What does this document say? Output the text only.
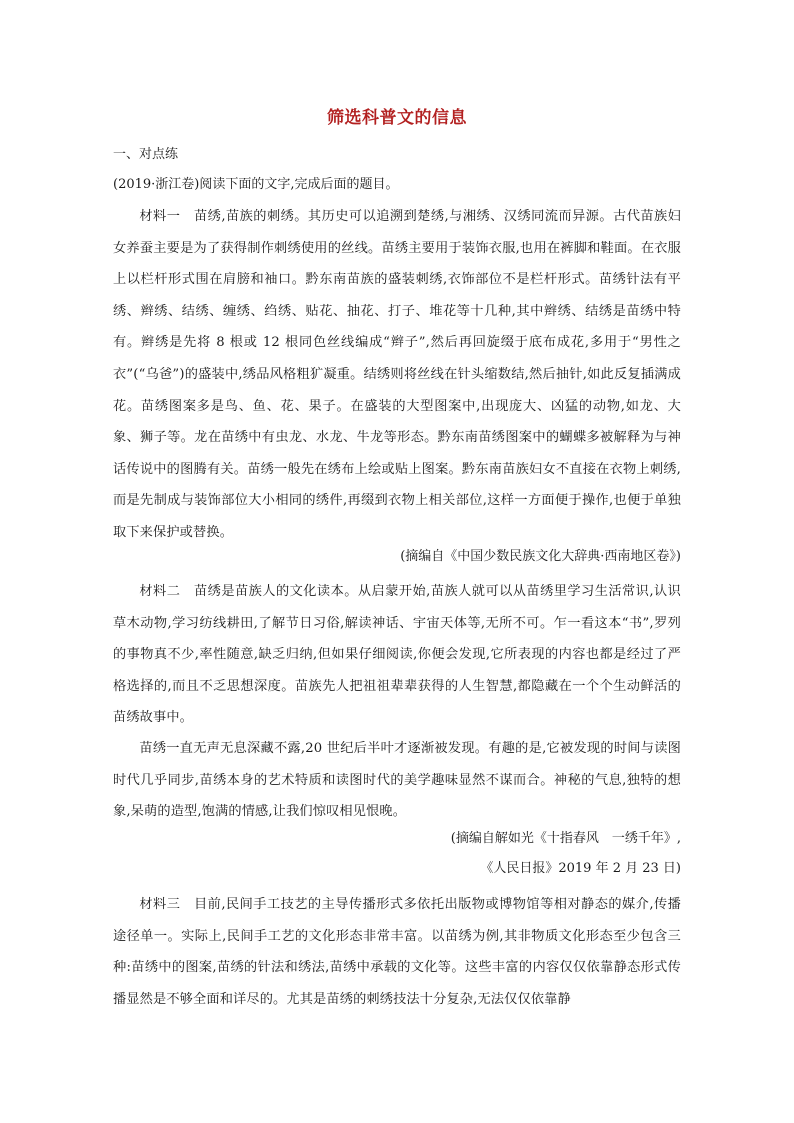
筛选科普文的信息

一、对点练

(2019·浙江卷)阅读下面的文字,完成后面的题目。

材料一　苗绣,苗族的刺绣。其历史可以追溯到楚绣,与湘绣、汉绣同流而异源。古代苗族妇女养蚕主要是为了获得制作刺绣使用的丝线。苗绣主要用于装饰衣服,也用在裤脚和鞋面。在衣服上以栏杆形式围在肩膀和袖口。黔东南苗族的盛装刺绣,衣饰部位不是栏杆形式。苗绣针法有平绣、辫绣、结绣、缠绣、绉绣、贴花、抽花、打子、堆花等十几种,其中辫绣、结绣是苗绣中特有。辫绣是先将 8 根或 12 根同色丝线编成“辫子”,然后再回旋缀于底布成花,多用于“男性之衣”(“乌爸”)的盛装中,绣品风格粗犷凝重。结绣则将丝线在针头缩数结,然后抽针,如此反复插满成花。苗绣图案多是鸟、鱼、花、果子。在盛装的大型图案中,出现庞大、凶猛的动物,如龙、大象、狮子等。龙在苗绣中有虫龙、水龙、牛龙等形态。黔东南苗绣图案中的蝴蝶多被解释为与神话传说中的图腾有关。苗绣一般先在绣布上绘或贴上图案。黔东南苗族妇女不直接在衣物上刺绣,而是先制成与装饰部位大小相同的绣件,再缀到衣物上相关部位,这样一方面便于操作,也便于单独取下来保护或替换。

(摘编自《中国少数民族文化大辞典·西南地区卷》)

材料二　苗绣是苗族人的文化读本。从启蒙开始,苗族人就可以从苗绣里学习生活常识,认识草木动物,学习纺线耕田,了解节日习俗,解读神话、宇宙天体等,无所不可。乍一看这本“书”,罗列的事物真不少,率性随意,缺乏归纳,但如果仔细阅读,你便会发现,它所表现的内容也都是经过了严格选择的,而且不乏思想深度。苗族先人把祖祖辈辈获得的人生智慧,都隐藏在一个个生动鲜活的苗绣故事中。

苗绣一直无声无息深藏不露,20 世纪后半叶才逐渐被发现。有趣的是,它被发现的时间与读图时代几乎同步,苗绣本身的艺术特质和读图时代的美学趣味显然不谋而合。神秘的气息,独特的想象,呆萌的造型,饱满的情感,让我们惊叹相见恨晚。

(摘编自解如光《十指春风　一绣千年》,

《人民日报》2019 年 2 月 23 日)

材料三　目前,民间手工技艺的主导传播形式多依托出版物或博物馆等相对静态的媒介,传播途径单一。实际上,民间手工艺的文化形态非常丰富。以苗绣为例,其非物质文化形态至少包含三种:苗绣中的图案,苗绣的针法和绣法,苗绣中承载的文化等。这些丰富的内容仅仅依靠静态形式传播显然是不够全面和详尽的。尤其是苗绣的刺绣技法十分复杂,无法仅仅依靠静
